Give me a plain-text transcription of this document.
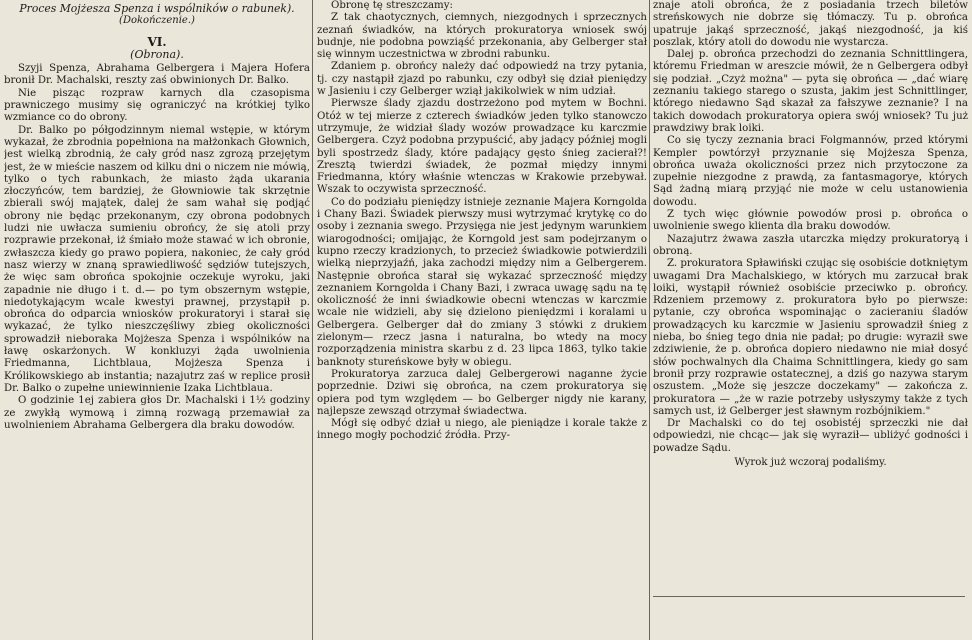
Proces Mojżesza Spenza i wspólników o rabunek).

(Dokończenie.)

VI.

(Obrona).

Szyji Spenza, Abrahama Gelbergera i Majera Hofera bronił Dr. Machalski, reszty zaś obwinionych Dr. Balko.

Nie pisząc rozpraw karnych dla czasopisma prawniczego musimy się ograniczyć na krótkiej tylko wzmiance co do obrony.

Dr. Balko po półgodzinnym niemal wstępie, w którym wykazał, że zbrodnia popełniona na małżonkach Głownich, jest wielką zbrodnią, że cały gród nasz zgrozą przejętym jest, że w mieście naszem od kilku dni o niczem nie mówią, tylko o tych rabunkach, że miasto żąda ukarania złoczyńców, tem bardziej, że Głowniowie tak skrzętnie zbierali swój majątek, dalej że sam wahał się podjąć obrony nie będąc przekonanym, czy obrona podobnych ludzi nie uwłacza sumieniu obrońcy, że się atoli przy rozprawie przekonał, iż śmiało może stawać w ich obronie, zwłaszcza kiedy go prawo popiera, nakoniec, że cały gród nasz wierzy w znaną sprawiedliwość sędziów tutejszych, że więc sam obrońca spokojnie oczekuje wyroku, jaki zapadnie nie długo i t. d.— po tym obszernym wstępie, niedotykającym wcale kwestyi prawnej, przystąpił p. obrońca do odparcia wniosków prokuratoryi i starał się wykazać, że tylko nieszczęśliwy zbieg okoliczności sprowadził nieboraka Mojżesza Spenza i wspólników na ławę oskarżonych. W konkluzyi żąda uwolnienia Friedmanna, Lichtblaua, Mojżesza Spenza i Królikowskiego ab instantia; nazajutrz zaś w replice prosił Dr. Balko o zupełne uniewinnienie Izaka Lichtblaua.

O godzinie 1ej zabiera głos Dr. Machalski i 1½ godziny ze zwykłą wymową i zimną rozwagą przemawiał za uwolnieniem Abrahama Gelbergera dla braku dowodów.

Obronę tę streszczamy:

Z tak chaotycznych, ciemnych, niezgodnych i sprzecznych zeznań świadków, na których prokuratorya wniosek swój budnje, nie podobna powziąść przekonania, aby Gelberger stał się winnym uczestnictwa w zbrodni rabunku.

Zdaniem p. obrońcy należy dać odpowiedź na trzy pytania, tj. czy nastąpił zjazd po rabunku, czy odbył się dział pieniędzy w Jasieniu i czy Gelberger wziął jakikolwiek w nim udział.

Pierwsze ślady zjazdu dostrzeżono pod mytem w Bochni. Otóż w tej mierze z czterech świadków jeden tylko stanowczo utrzymuje, że widział ślady wozów prowadzące ku karczmie Gelbergera. Czyż podobna przypuścić, aby jadący później mogli byli spostrzedz ślady, które padający gęsto śnieg zacierał?! Zresztą twierdzi świadek, że pozmał między innymi Friedmanna, który właśnie wtenczas w Krakowie przebywał. Wszak to oczywista sprzeczność.

Co do podziału pieniędzy istnieje zeznanie Majera Korngolda i Chany Bazi. Świadek pierwszy musi wytrzymać krytykę co do osoby i zeznania swego. Przysięga nie jest jedynym warunkiem wiarogodności; omijając, że Korngold jest sam podejrzanym o kupno rzeczy kradzionych, to przecież świadkowie potwierdzili wielką nieprzyjaźń, jaka zachodzi między nim a Gelbergerem. Następnie obrońca starał się wykazać sprzeczność między zeznaniem Korngolda i Chany Bazi, i zwraca uwagę sądu na tę okoliczność że inni świadkowie obecni wtenczas w karczmie wcale nie widzieli, aby się dzielono pieniędzmi i koralami u Gelbergera. Gelberger dał do zmiany 3 stówki z drukiem zielonym— rzecz jasna i naturalna, bo wtedy na mocy rozporządzenia ministra skarbu z d. 23 lipca 1863, tylko takie banknoty stureńskowe były w obiegu.

Prokuratorya zarzuca dalej Gelbergerowi naganne życie poprzednie. Dziwi się obrońca, na czem prokuratorya się opiera pod tym względem — bo Gelberger nigdy nie karany, najlepsze zewsząd otrzymał świadectwa.

Mógł się odbyć dział u niego, ale pieniądze i korale także z innego mogły pochodzić źródła. Przy-

znaje atoli obrońca, że z posiadania trzech biletów streńskowych nie dobrze się tłómaczy. Tu p. obrońca upatruje jakąś sprzeczność, jakąś niezgodność, ja kiś poszlak, który atoli do dowodu nie wystarcza.

Dalej p. obrońca przechodzi do zeznania Schnittlingera, któremu Friedman w areszcie mówił, że n Gelbergera odbył się podział. „Czyż można" — pyta się obrońca — „dać wiarę zeznaniu takiego starego o szusta, jakim jest Schnittlinger, którego niedawno Sąd skazał za fałszywe zeznanie? I na takich dowodach prokuratorya opiera swój wniosek? Tu już prawdziwy brak loiki.

Co się tyczy zeznania braci Folgmannów, przed którymi Kempler powtórzył przyznanie się Mojżesza Spenza, obrońca uważa okoliczności przez nich przytoczone za zupełnie niezgodne z prawdą, za fantasmagorye, których Sąd żadną miarą przyjąć nie może w celu ustanowienia dowodu.

Z tych więc głównie powodów prosi p. obrońca o uwolnienie swego klienta dla braku dowodów.

Nazajutrz żwawa zaszła utarczka między prokuratoryą i obroną.

Z. prokuratora Spławiński czując się osobiście dotkniętym uwagami Dra Machalskiego, w których mu zarzucał brak loiki, wystąpił również osobiście przeciwko p. obrońcy. Rdzeniem przemowy z. prokuratora było po pierwsze: pytanie, czy obrońca wspominając o zacieraniu śladów prowadzących ku karczmie w Jasieniu sprowadził śnieg z nieba, bo śnieg tego dnia nie padał; po drugie: wyraził swe zdziwienie, że p. obrońca dopiero niedawno nie miał dosyć słów pochwalnych dla Chaima Schnittlingera, kiedy go sam bronił przy rozprawie ostatecznej, a dziś go nazywa starym oszustem. „Może się jeszcze doczekamy" — zakończa z. prokuratora — „że w razie potrzeby usłyszymy także z tych samych ust, iż Gelberger jest sławnym rozbójnikiem."

Dr Machalski co do tej osobistéj sprzeczki nie dał odpowiedzi, nie chcąc— jak się wyraził— ubliżyć godności i powadze Sądu.

Wyrok już wczoraj podaliśmy.
